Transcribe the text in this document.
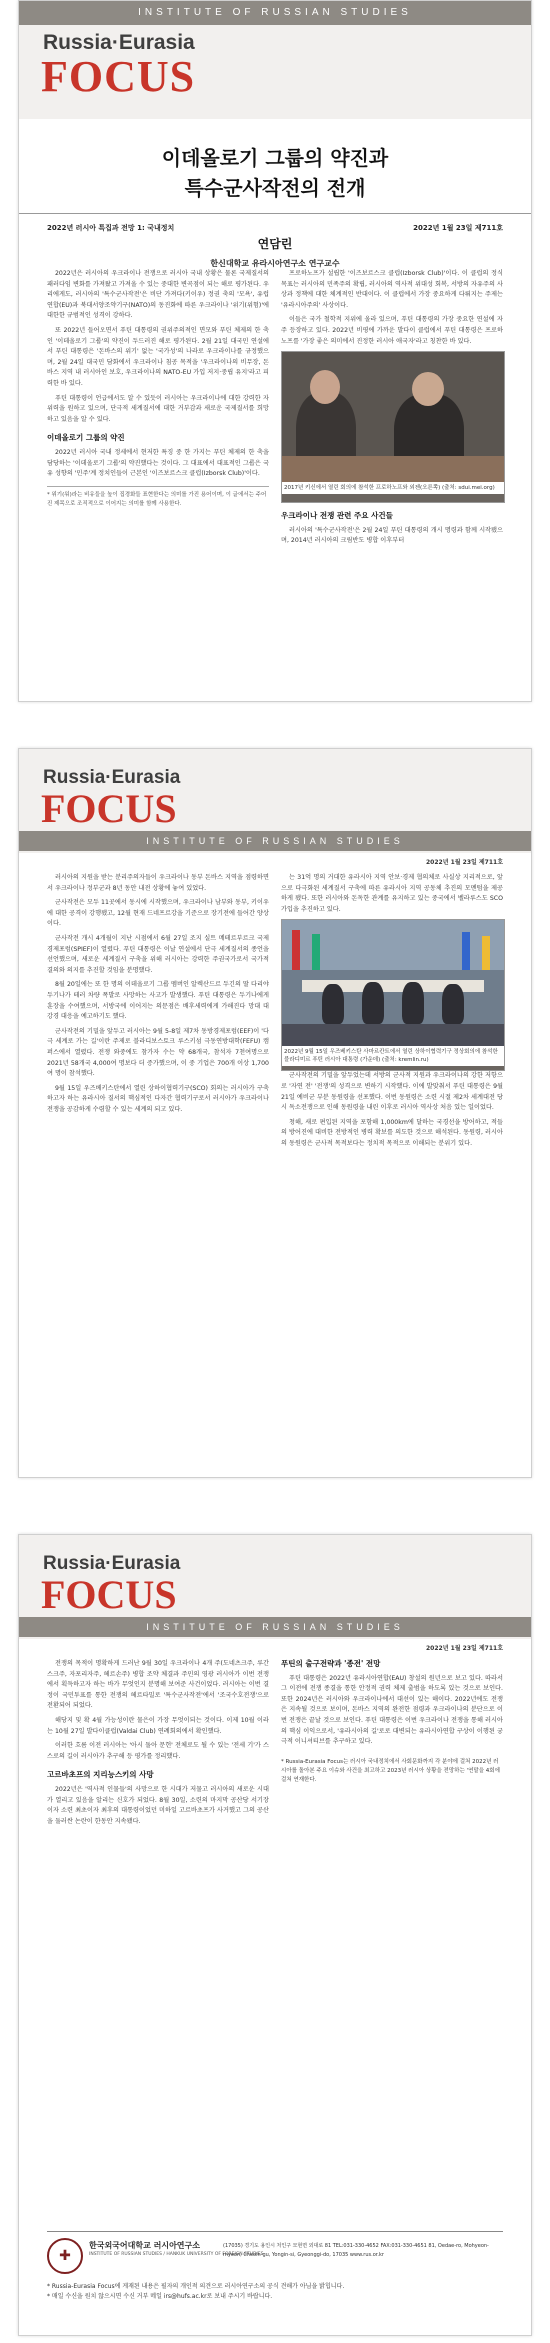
INSTITUTE OF RUSSIAN STUDIES
Russia·Eurasia
FOCUS
2022년 러시아 특집과 전망 1: 국내정치	2022년 1월 23일 제711호
이데올로기 그룹의 약진과
특수군사작전의 전개
연담린
한신대학교 유라시아연구소 연구교수

2022년은 러시아의 우크라이나 전쟁으로 러시아 국내 상황은 물론 국제질서의 패러다임 변화를 가져왔고 가져올 수 있는 중대한 변곡점이 되는 해로 평가된다. 우리에게도, 러시아의 '특수군사작전'은 비단 가져다(키이우) 정권 축의 '모욕', 유럽연합(EU)과 북대서양조약기구(NATO)의 동진화에 따른 우크라이나 '위기(위험)'에 대한한 규범적인 성격이 강하다.

또 2022년 들어오면서 푸틴 대통령의 권위주의적인 면모와 푸틴 체제의 한 축인 '이데올로기 그룹'의 약진이 두드러진 해로 평가된다. 2월 21일 대국민 연설에서 푸틴 대통령은 '돈바스의 위기' 없는 '국가성'의 나라로 우크라이나를 규정했으며, 2월 24일 대국민 담화에서 우크라이나 침공 목적을 '우크라이나의 비무장, 돈바스 지역 내 러시아인 보호, 우크라이나의 NATO-EU 가입 저지·중립 유지'라고 피력한 바 있다.

푸틴 대통령이 언급에서도 알 수 있듯이 러시아는 우크라이나에 대한 강력한 자위력을 원하고 있으며, 단극적 세계질서에 대한 거부감과 새로운 국제질서를 희망하고 있음을 알 수 있다.

이데올로기 그룹의 약진

2022년 러시아 국내 정세에서 현저한 특징 중 한 가지는 푸틴 체제의 한 축을 담당하는 '이데올로기 그룹'의 약진했다는 것이다. 그 대표에서 대표적인 그룹은 국유 성향의 '민주'계 정치인들이 근본인 '이즈보르스크 클럽(Izborsk Club)'이다.

* 위기(워)라는 비유들을 높이 집경화들 표현한다는 의미를 가진 용어이며, 이 글에서는 주어진 제목으로 조직적으로 이어지는 의미를 함께 사용한다.

프로하노프가 설립한 '이즈보르스크 클럽(Izborsk Club)'이다. 이 클럽의 정식 목표는 러시아의 민족주의 확립, 러시아의 역사적 위대성 회복, 서방의 자유주의 사상과 정책에 대한 체계적인 반대이다. 이 클럽에서 가장 중요하게 다뤄지는 주제는 '유라시아주의' 사상이다.

이들은 국가 철학적 지위에 올라 있으며, 푸틴 대통령의 가장 중요한 연설에 자주 등장하고 있다. 2022년 비평에 가까운 발다이 클럽에서 푸틴 대통령은 프로하노프를 '가장 좋은 의미에서 진정한 러시아 애국자'라고 칭찬한 바 있다.

2017년 키신에서 열린 회의에 참석한 프로하노프와 외젠(오른쪽) (출처: sdui.mei.org)
우크라이나 전쟁 관련 주요 사건들

러시아의 '특수군사작전'은 2월 24일 푸틴 대통령의 개시 명령과 함께 시작됐으며, 2014년 러시아의 크림반도 병합 이후부터

Russia·Eurasia
FOCUS
INSTITUTE OF RUSSIAN STUDIES
2022년 1월 23일 제711호

러시아의 지원을 받는 분리주의자들이 우크라이나 동부 돈바스 지역을 점령하면서 우크라이나 정부군과 8년 동안 내전 상황에 놓여 있었다.

군사작전은 모두 11곳에서 동시에 시작했으며, 우크라이나 남부와 동부, 키이우에 대한 공격이 강행됐고, 12월 현재 드네프르강을 기준으로 장기전에 들어간 양상이다.

군사작전 개시 4개월이 지난 시점에서 6월 27일 조지 실트 메테르부르크 국제경제포럼(SPIEF)이 열렸다. 푸틴 대통령은 이날 연설에서 단극 세계질서의 종언을 선언했으며, 새로운 세계질서 구축을 위해 러시아는 강력한 주권국가로서 국가적 결의와 의지를 추진할 것임을 분명했다.

8월 20일에는 또 한 명의 이데올로기 그룹 멤버인 알렉산드르 두긴의 딸 다리야 두기나가 테러 차량 폭발로 사망하는 사고가 발생했다. 푸틴 대통령은 두기나에게 훈장을 수여했으며, 서방국에 이어지는 의문점은 배후세력에게 가해진다 망대 대 강경 대응을 예고하기도 했다.

군사작전의 기밀을 앞두고 러시아는 9월 5-8일 제7차 동방경제포럼(EEF)이 '다극 세계로 가는 길'이란 주제로 블라디보스토크 루스키섬 극동연방대학(FEFU) 캠퍼스에서 열렸다. 전쟁 와중에도 참가자 수는 약 68개국, 참석자 7천여명으로 2021년 58개국 4,000여 명보다 더 증가했으며, 이 중 기업은 700개 이상 1,700여 명이 참석했다.

9월 15일 우즈베키스탄에서 열린 상하이협력기구(SCO) 회의는 러시아가 구축하고자 하는 유라시아 질서의 핵심적인 다자간 협력기구로서 러시아가 우크라이나 전쟁을 공감하게 수렴할 수 있는 세계의 되고 있다.

는 31억 명의 거대한 유라시아 지역 안보·경제 협의체로 사실상 지리적으로, 앞으로 다극화된 세계질서 구축에 따른 유라시아 지역 공동체 추진의 모멘텀을 제공하게 됐다. 또한 러시아와 돈독한 관계를 유지하고 있는 중국에서 벨라루스도 SCO 가입을 추진하고 있다.

2022년 9월 15일 우즈베키스탄 사마르칸트에서 열린 상하이협력기구 정상회의에 참석한 블라디미르 푸틴 러시아 대통령 (가운데) (출처: kremlin.ru)

군사작전의 기밀을 앞두었는데 서방의 군사적 지원과 우크라이나의 강한 저항으로 '자연 전' '전쟁'의 성격으로 변하기 시작했다. 이에 발맞춰서 푸틴 대통령은 9월 21일 예비군 부분 동원령을 선포했다. 이번 동원령은 소련 시절 제2차 세계대전 당시 독소전쟁으로 인해 동원령을 내린 이후로 러시아 역사상 처음 있는 일이었다.

청해, 새로 편입된 지역을 포함해 1,000km에 달하는 국경선을 방어하고, 적들의 방어진에 대비한 전방적인 병력 확보를 의도한 것으로 해석된다. 동원령, 러시아의 동원령은 군사적 목적보다는 정치적 목적으로 이해되는 분위기 있다.

Russia·Eurasia
FOCUS
INSTITUTE OF RUSSIAN STUDIES
2022년 1월 23일 제711호

전쟁의 목적이 명확하게 드러난 9월 30일 우크라이나 4개 주(도네츠크주, 루간스크주, 자포리자주, 헤르손주) 병합 조약 체결과 주민의 영광 러시아가 이번 전쟁에서 획득하고자 하는 바가 무엇인지 분명해 보여준 사건이었다. 러시아는 이번 결정이 국민투표를 통한 전쟁의 헤르타밀로 '특수군사작전'에서 '조국수호전쟁'으로 전환되어 되었다.

해당지 및 확 4월 가능성이란 물은이 가장 무엇이되는 것이다. 이제 10월 이라는 10월 27일 발다이클럽(Valdai Club) 연례회의에서 확인했다.

이러한 흐름 이전 러시아는 '아시 돌아 문헌' 전체로도 될 수 있는 '전세 기'가 스스로의 길이 러시아가 추구해 등 평가를 정리했다.

고르바초프의 지리능스키의 사망

2022년은 '역사적 인물들'의 사망으로 한 시대가 저물고 러시아의 새로운 시대가 열리고 있음을 알리는 신호가 되었다. 8월 30일, 소련의 마지막 공산당 서기장이자 소련 최초이자 최후의 대통령이었던 미하일 고르바초프가 사거했고 그의 공산을 둘러싼 논란이 한동안 지속됐다.

푸틴의 출구전략과 '종전' 전망

푸틴 대통령은 2022년 유라시아연합(EAU) 창설의 원년으로 보고 있다. 따라서 그 이전에 전쟁 종결을 통한 안정적 권력 체제 출범을 하도록 있는 것으로 보인다. 또한 2024년은 러시아와 우크라이나에서 대선이 있는 해이다. 2022년에도 전쟁은 지속될 것으로 보이며, 돈바스 지역의 완전한 점령과 우크라이나의 분단으로 이번 전쟁은 끝날 것으로 보인다. 푸틴 대통령은 이번 우크라이나 전쟁을 통해 러시아의 핵심 이익으로서, '유라시아의 길'로로 대변되는 유라시아연합 구상이 이행된 궁극적 이니셔티브를 추구하고 있다.

* Russia-Eurasia Focus는 러시아 국내정치에서 사회문화까지 각 분야에 걸쳐 2022년 러시아를 돌아본 주요 이슈와 사건을 최고하고 2023년 러시아 상황을 전망하는 '연말을 4회에 걸쳐 연재한다.
✚
한국외국어대학교 러시아연구소
INSTITUTE OF RUSSIAN STUDIES / HANKUK UNIVERSITY OF FOREIGN STUDIES
(17035) 경기도 용인시 처인구 모현면 외대로 81 TEL:031-330-4652 FAX:031-330-4651 81, Oedae-ro, Mohyeon-myeon, Cheoin-gu, Yongin-si, Gyeonggi-do, 17035 www.rus.or.kr
* Russia-Eurasia Focus에 게재된 내용은 필자의 개인적 의견으로 러시아연구소의 공식 견해가 아님을 밝힙니다.
* 매일 수신을 원치 않으시면 수신 거부 메일 irs@hufs.ac.kr로 보내 주시기 바랍니다.
